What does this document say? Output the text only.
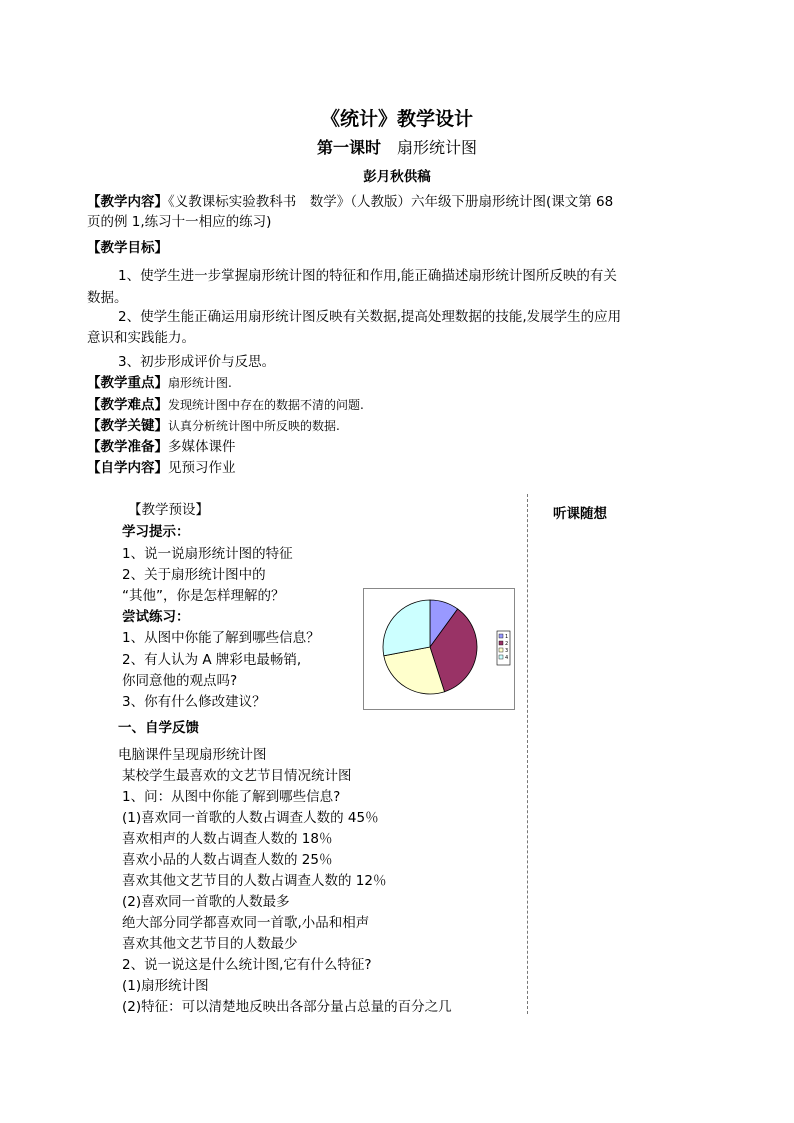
《统计》教学设计
第一课时 扇形统计图
彭月秋供稿
【教学内容】《义教课标实验教科书　数学》（人教版）六年级下册扇形统计图(课文第 68
页的例 1,练习十一相应的练习)
【教学目标】
1、使学生进一步掌握扇形统计图的特征和作用,能正确描述扇形统计图所反映的有关
数据。
2、使学生能正确运用扇形统计图反映有关数据,提高处理数据的技能,发展学生的应用
意识和实践能力。
3、初步形成评价与反思。
【教学重点】扇形统计图.
【教学难点】发现统计图中存在的数据不清的问题.
【教学关键】认真分析统计图中所反映的数据.
【教学准备】多媒体课件
【自学内容】见预习作业
听课随想
【教学预设】
学习提示：
1、说一说扇形统计图的特征
2、关于扇形统计图中的
“其他”，你是怎样理解的？
尝试练习：
1、从图中你能了解到哪些信息？
2、有人认为 A 牌彩电最畅销,
你同意他的观点吗?
3、你有什么修改建议？
一、自学反馈
电脑课件呈现扇形统计图
某校学生最喜欢的文艺节目情况统计图
1、问：从图中你能了解到哪些信息?
(1)喜欢同一首歌的人数占调查人数的 45％
喜欢相声的人数占调查人数的 18％
喜欢小品的人数占调查人数的 25％
喜欢其他文艺节目的人数占调查人数的 12％
(2)喜欢同一首歌的人数最多
绝大部分同学都喜欢同一首歌,小品和相声
喜欢其他文艺节目的人数最少
2、说一说这是什么统计图,它有什么特征?
(1)扇形统计图
(2)特征：可以清楚地反映出各部分量占总量的百分之几
1
2
3
4
